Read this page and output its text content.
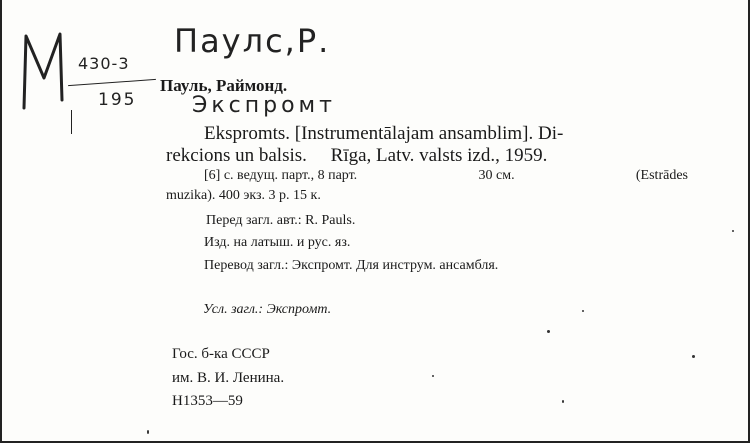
430-3
195
Паулс,Р.
Пауль, Раймонд.
Экспромт
Ekspromts. [Instrumentālajam ansamblim]. Di-
rekcions un balsis.     Rīga, Latv. valsts izd., 1959.
[6] с. ведущ. парт., 8 парт.	30 см.	(Estrādes
muzika). 400 экз. 3 р. 15 к.
Перед загл. авт.: R. Pauls.
Изд. на латыш. и рус. яз.
Перевод загл.: Экспромт. Для инструм. ансамбля.
Усл. загл.: Экспромт.
Гос. б-ка СССР
им. В. И. Ленина.
Н1353—59
